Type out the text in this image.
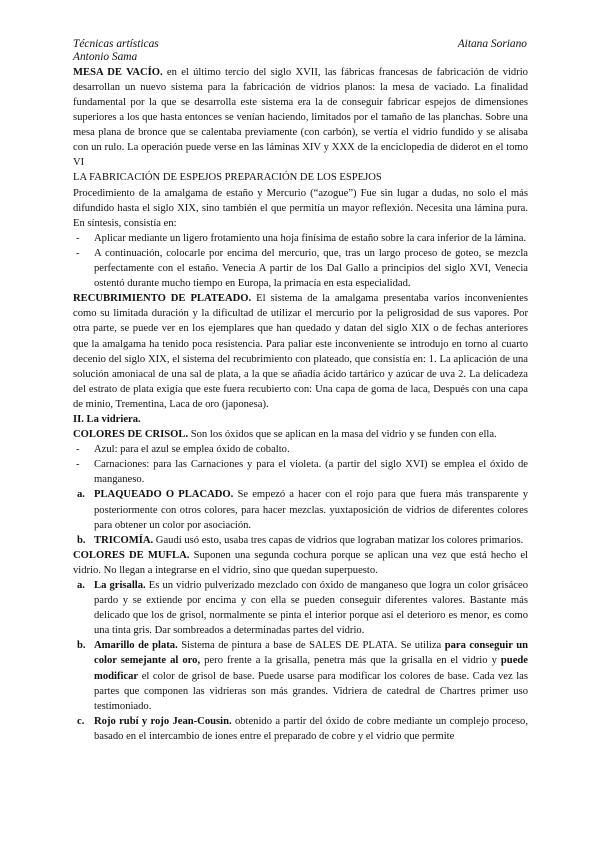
Técnicas artísticas	Aitana Soriano
Antonio Sama

MESA DE VACÍO. en el último tercio del siglo XVII, las fábricas francesas de fabricación de vidrio desarrollan un nuevo sistema para la fabricación de vidrios planos: la mesa de vaciado. La finalidad fundamental por la que se desarrolla este sistema era la de conseguir fabricar espejos de dimensiones superiores a los que hasta entonces se venían haciendo, limitados por el tamaño de las planchas. Sobre una mesa plana de bronce que se calentaba previamente (con carbón), se vertía el vidrio fundido y se alisaba con un rulo. La operación puede verse en las láminas XIV y XXX de la enciclopedia de diderot en el tomo VI

LA FABRICACIÓN DE ESPEJOS PREPARACIÓN DE LOS ESPEJOS

Procedimiento de la amalgama de estaño y Mercurio (“azogue”) Fue sin lugar a dudas, no solo el más difundido hasta el siglo XIX, sino también el que permitía un mayor reflexión. Necesita una lámina pura. En síntesis, consistía en:

- Aplicar mediante un ligero frotamiento una hoja finísima de estaño sobre la cara inferior de la lámina.
- A continuación, colocarle por encima del mercurio, que, tras un largo proceso de goteo, se mezcla perfectamente con el estaño. Venecia A partir de los Dal Gallo a principios del siglo XVI, Venecia ostentó durante mucho tiempo en Europa, la primacía en esta especialidad.

RECUBRIMIENTO DE PLATEADO. El sistema de la amalgama presentaba varios inconvenientes como su limitada duración y la dificultad de utilizar el mercurio por la peligrosidad de sus vapores. Por otra parte, se puede ver en los ejemplares que han quedado y datan del siglo XIX o de fechas anteriores que la amalgama ha tenido poca resistencia. Para paliar este inconveniente se introdujo en torno al cuarto decenio del siglo XIX, el sistema del recubrimiento con plateado, que consistía en: 1. La aplicación de una solución amoniacal de una sal de plata, a la que se añadía ácido tartárico y azúcar de uva 2. La delicadeza del estrato de plata exigía que este fuera recubierto con: Una capa de goma de laca, Después con una capa de minio, Trementina, Laca de oro (japonesa).

II. La vidriera.

COLORES DE CRISOL. Son los óxidos que se aplican en la masa del vidrio y se funden con ella.

- Azul: para el azul se emplea óxido de cobalto.
- Carnaciones: para las Carnaciones y para el violeta. (a partir del siglo XVI) se emplea el óxido de manganeso.
a. PLAQUEADO O PLACADO. Se empezó a hacer con el rojo para que fuera más transparente y posteriormente con otros colores, para hacer mezclas. yuxtaposición de vidrios de diferentes colores para obtener un color por asociación.
b. TRICOMÍA. Gaudí usó esto, usaba tres capas de vidrios que lograban matizar los colores primarios.

COLORES DE MUFLA. Suponen una segunda cochura porque se aplican una vez que está hecho el vidrio. No llegan a integrarse en el vidrio, sino que quedan superpuesto.

a. La grisalla. Es un vidrio pulverizado mezclado con óxido de manganeso que logra un color grisáceo pardo y se extiende por encima y con ella se pueden conseguir diferentes valores. Bastante más delicado que los de grisol, normalmente se pinta el interior porque así el deterioro es menor, es como una tinta gris. Dar sombreados a determinadas partes del vidrio.
b. Amarillo de plata. Sistema de pintura a base de SALES DE PLATA. Se utiliza para conseguir un color semejante al oro, pero frente a la grisalla, penetra más que la grisalla en el vidrio y puede modificar el color de grisol de base. Puede usarse para modificar los colores de base. Cada vez las partes que componen las vidrieras son más grandes. Vidriera de catedral de Chartres primer uso testimoniado.
c. Rojo rubí y rojo Jean-Cousin. obtenido a partir del óxido de cobre mediante un complejo proceso, basado en el intercambio de iones entre el preparado de cobre y el vidrio que permite
